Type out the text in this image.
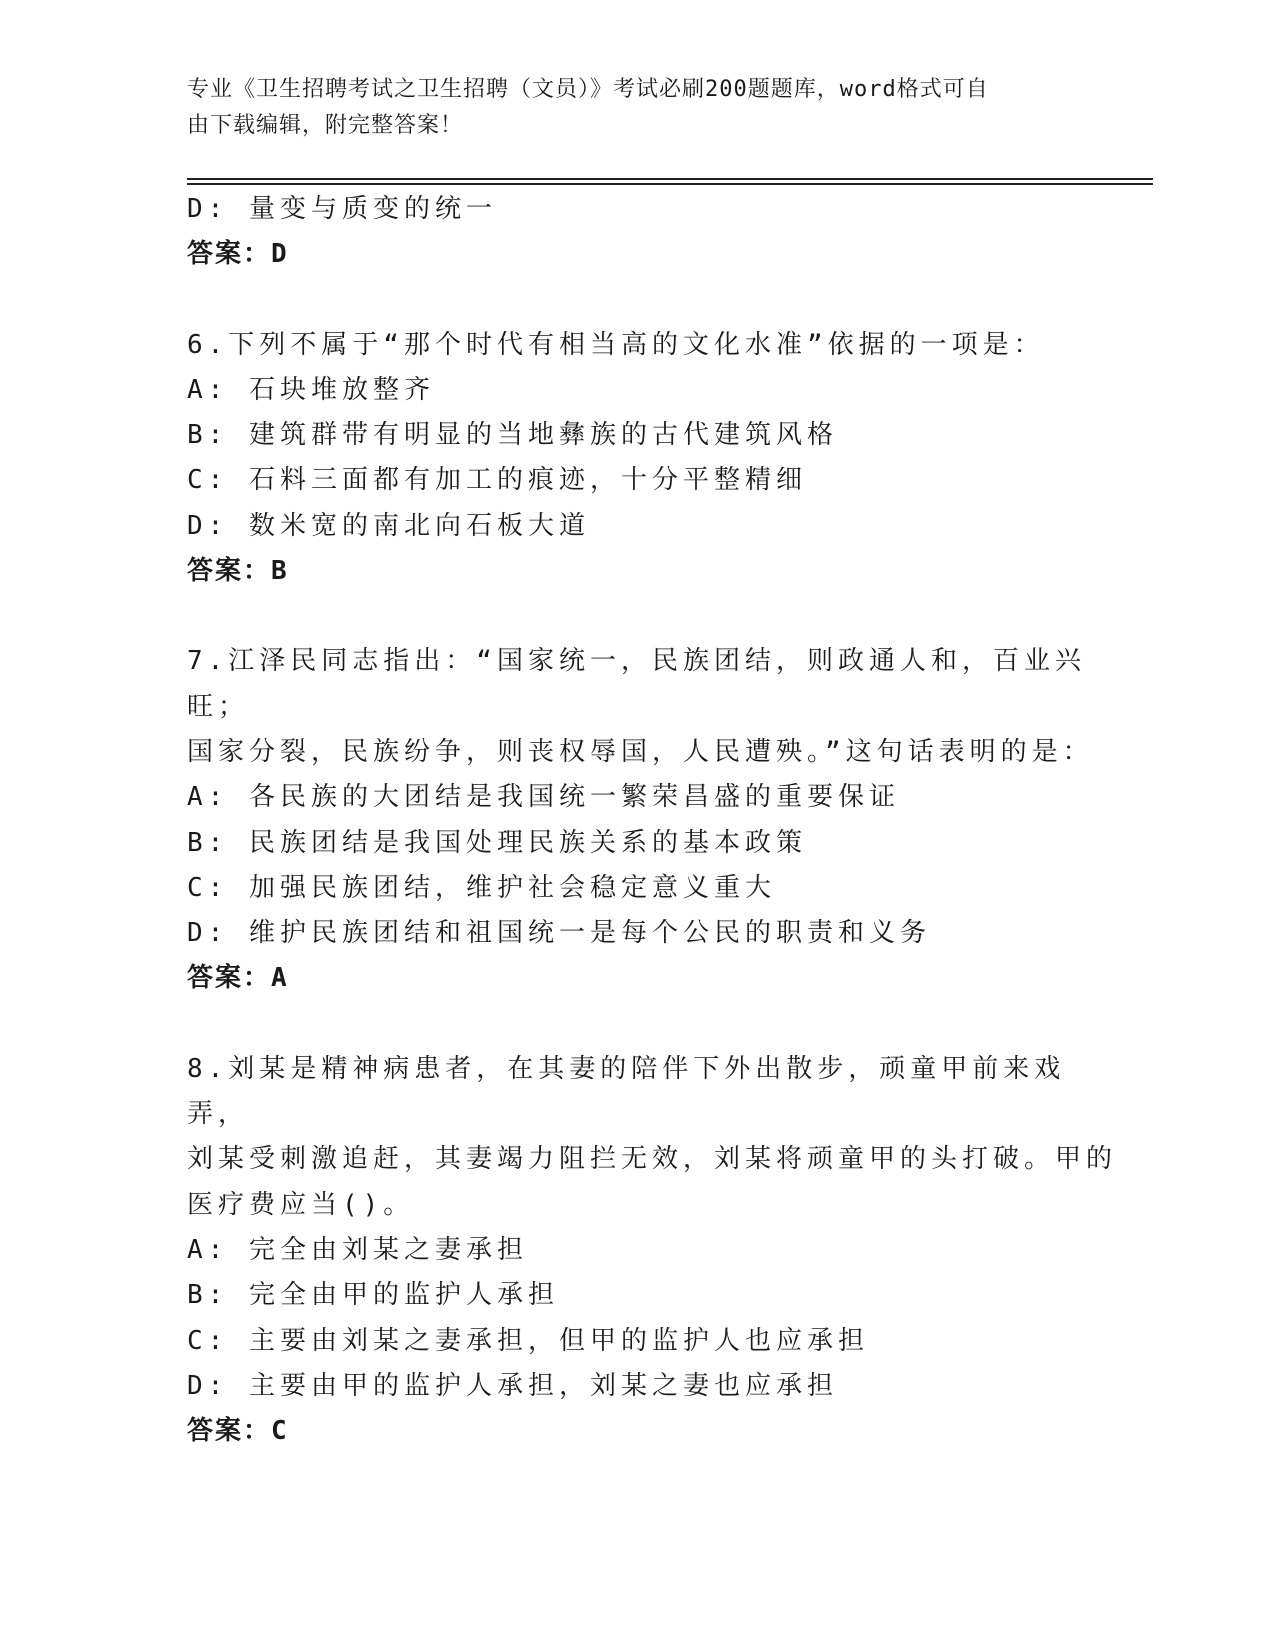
专业《卫生招聘考试之卫生招聘（文员）》考试必刷200题题库，word格式可自
由下载编辑，附完整答案！
D: 量变与质变的统一
答案：D
6.下列不属于“那个时代有相当高的文化水准”依据的一项是：
A: 石块堆放整齐
B: 建筑群带有明显的当地彝族的古代建筑风格
C: 石料三面都有加工的痕迹，十分平整精细
D: 数米宽的南北向石板大道
答案：B
7.江泽民同志指出：“国家统一，民族团结，则政通人和，百业兴旺；
国家分裂，民族纷争，则丧权辱国，人民遭殃。”这句话表明的是：
A: 各民族的大团结是我国统一繁荣昌盛的重要保证
B: 民族团结是我国处理民族关系的基本政策
C: 加强民族团结，维护社会稳定意义重大
D: 维护民族团结和祖国统一是每个公民的职责和义务
答案：A
8.刘某是精神病患者，在其妻的陪伴下外出散步，顽童甲前来戏弄，
刘某受刺激追赶，其妻竭力阻拦无效，刘某将顽童甲的头打破。甲的
医疗费应当()。
A: 完全由刘某之妻承担
B: 完全由甲的监护人承担
C: 主要由刘某之妻承担，但甲的监护人也应承担
D: 主要由甲的监护人承担，刘某之妻也应承担
答案：C
